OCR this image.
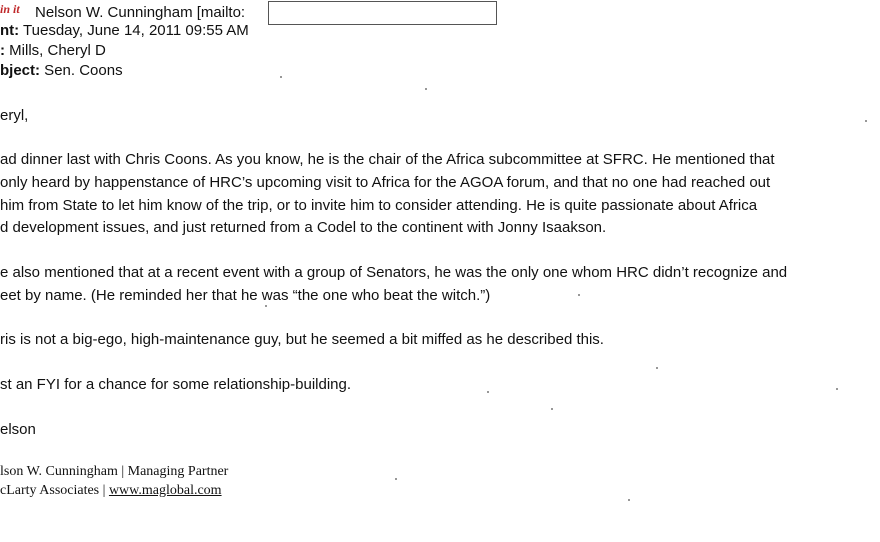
in it Nelson W. Cunningham [mailto:
nt: Tuesday, June 14, 2011 09:55 AM
: Mills, Cheryl D
bject: Sen. Coons
eryl,
ad dinner last with Chris Coons. As you know, he is the chair of the Africa subcommittee at SFRC. He mentioned that
only heard by happenstance of HRC’s upcoming visit to Africa for the AGOA forum, and that no one had reached out
him from State to let him know of the trip, or to invite him to consider attending. He is quite passionate about Africa
d development issues, and just returned from a Codel to the continent with Jonny Isaakson.
e also mentioned that at a recent event with a group of Senators, he was the only one whom HRC didn’t recognize and
eet by name. (He reminded her that he was “the one who beat the witch.”)
ris is not a big-ego, high-maintenance guy, but he seemed a bit miffed as he described this.
st an FYI for a chance for some relationship-building.
elson
lson W. Cunningham | Managing Partner
cLarty Associates | www.maglobal.com
